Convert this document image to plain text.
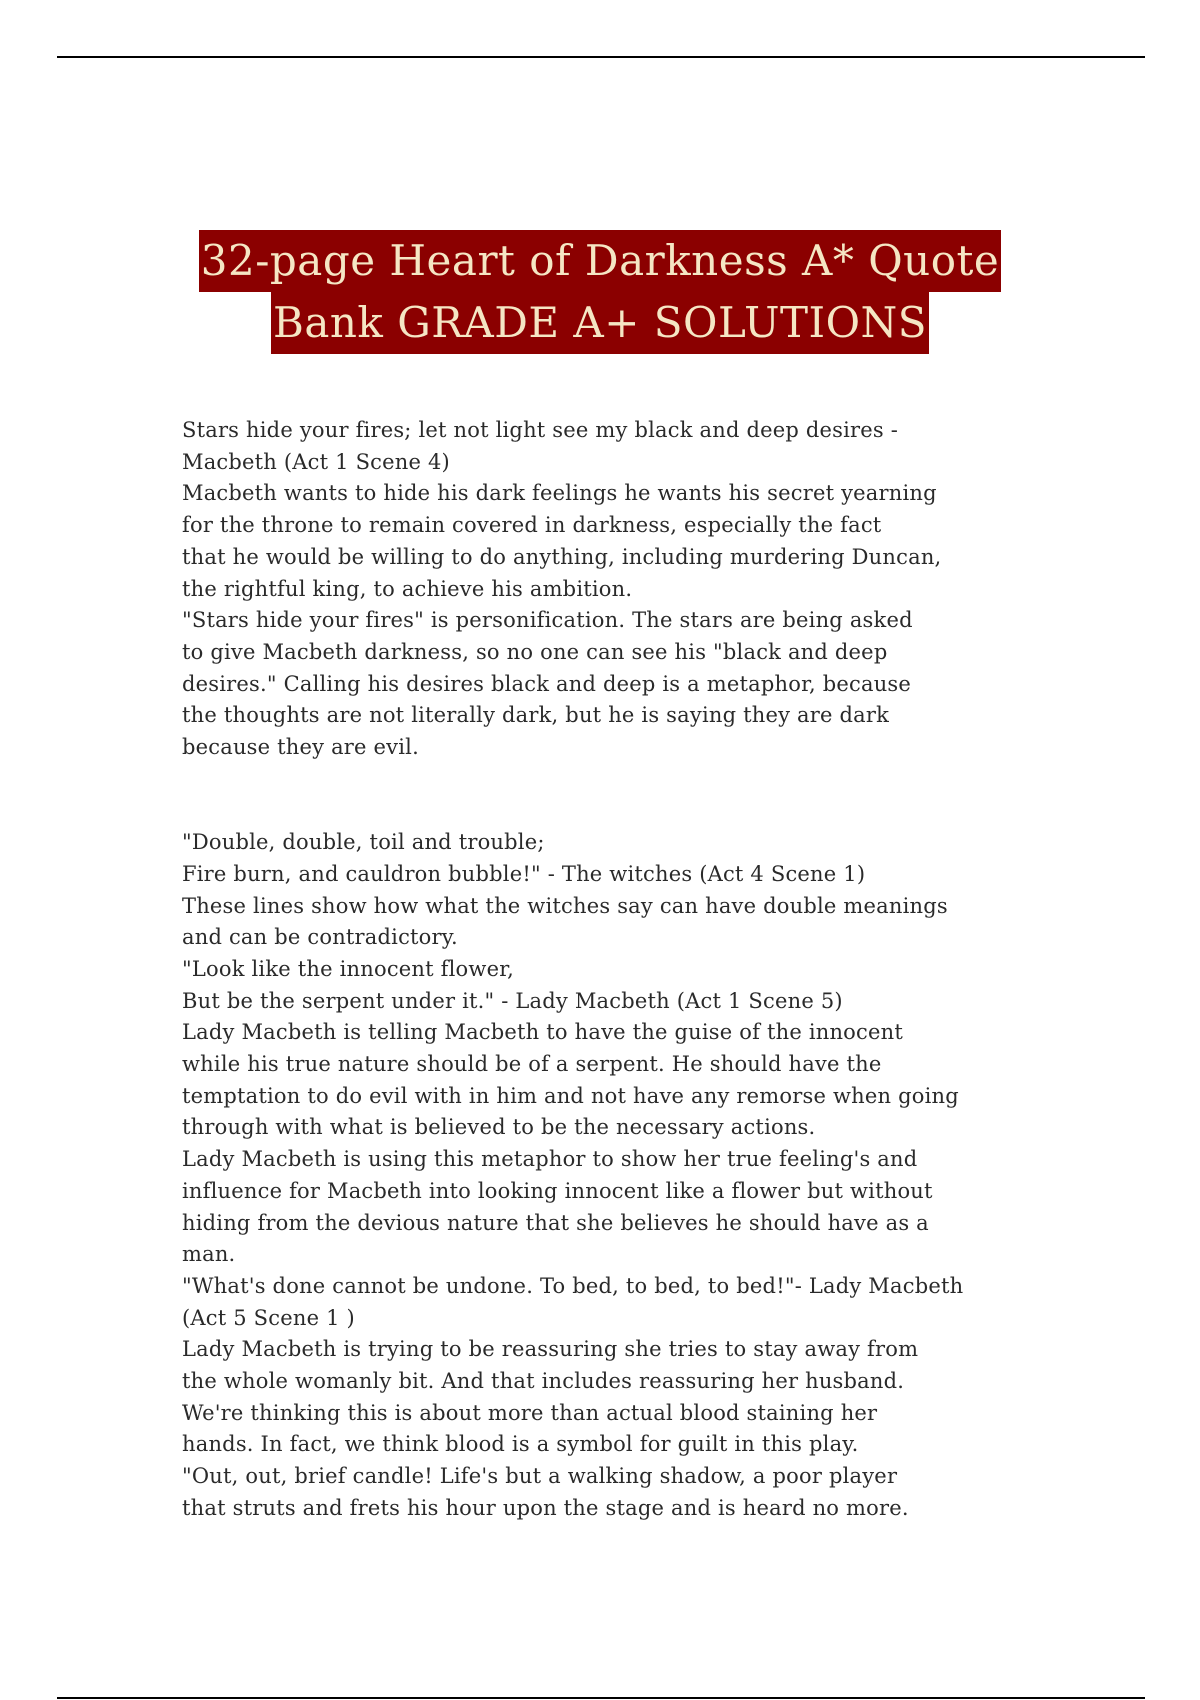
32-page Heart of Darkness A* Quote
Bank GRADE A+ SOLUTIONS
Stars hide your fires; let not light see my black and deep desires -
Macbeth (Act 1 Scene 4)
Macbeth wants to hide his dark feelings he wants his secret yearning
for the throne to remain covered in darkness, especially the fact
that he would be willing to do anything, including murdering Duncan,
the rightful king, to achieve his ambition.
"Stars hide your fires" is personification. The stars are being asked
to give Macbeth darkness, so no one can see his "black and deep
desires." Calling his desires black and deep is a metaphor, because
the thoughts are not literally dark, but he is saying they are dark
because they are evil.
"Double, double, toil and trouble;
Fire burn, and cauldron bubble!" - The witches (Act 4 Scene 1)
These lines show how what the witches say can have double meanings
and can be contradictory.
"Look like the innocent flower,
But be the serpent under it." - Lady Macbeth (Act 1 Scene 5)
Lady Macbeth is telling Macbeth to have the guise of the innocent
while his true nature should be of a serpent. He should have the
temptation to do evil with in him and not have any remorse when going
through with what is believed to be the necessary actions.
Lady Macbeth is using this metaphor to show her true feeling's and
influence for Macbeth into looking innocent like a flower but without
hiding from the devious nature that she believes he should have as a
man.
"What's done cannot be undone. To bed, to bed, to bed!"- Lady Macbeth
(Act 5 Scene 1 )
Lady Macbeth is trying to be reassuring she tries to stay away from
the whole womanly bit. And that includes reassuring her husband.
We're thinking this is about more than actual blood staining her
hands. In fact, we think blood is a symbol for guilt in this play.
"Out, out, brief candle! Life's but a walking shadow, a poor player
that struts and frets his hour upon the stage and is heard no more.
